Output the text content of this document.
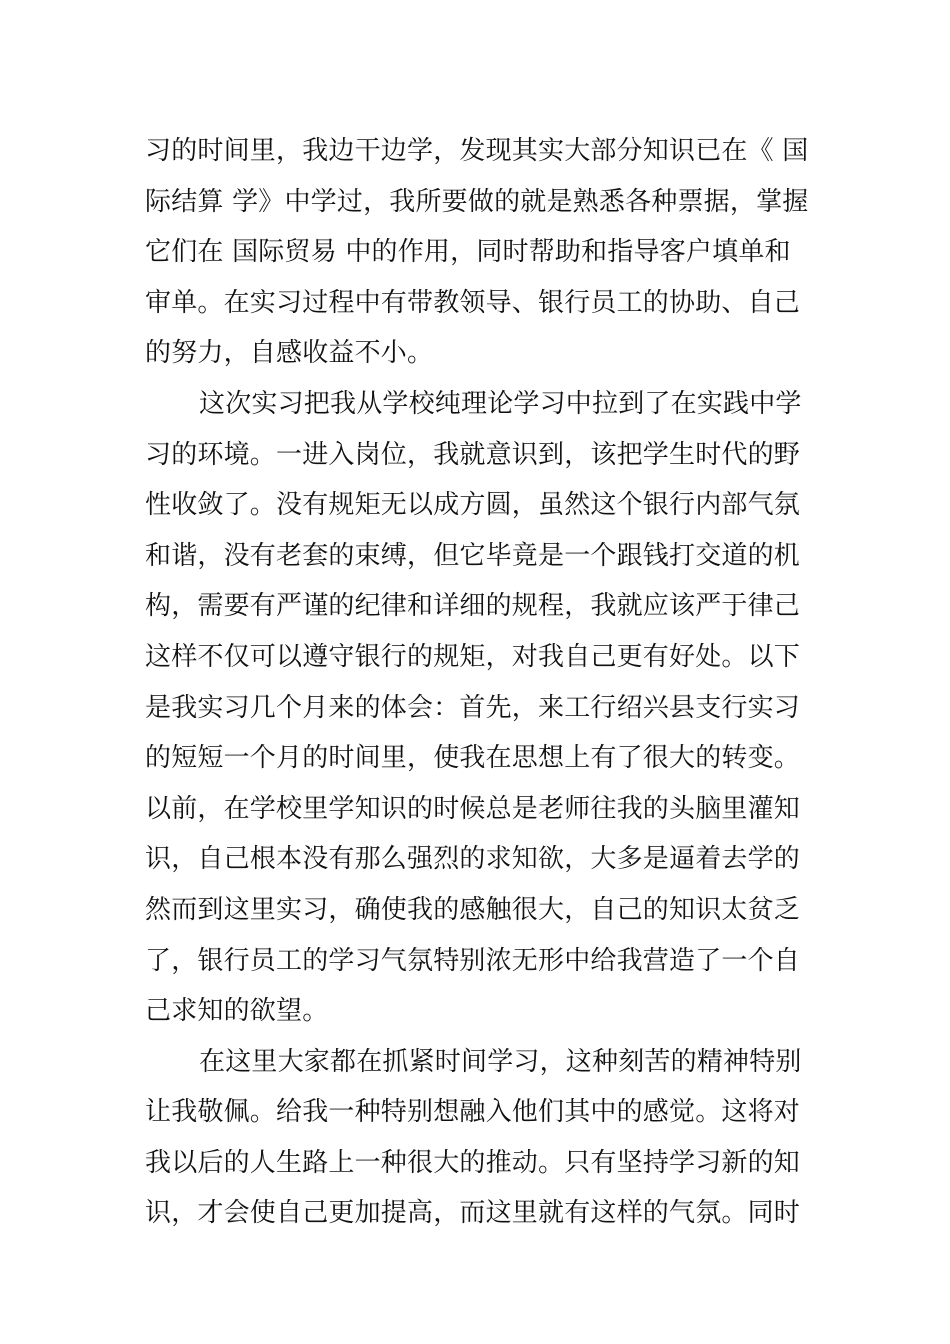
习的时间里，我边干边学，发现其实大部分知识已在《 国
际结算 学》中学过，我所要做的就是熟悉各种票据，掌握
它们在 国际贸易 中的作用，同时帮助和指导客户填单和
审单。在实习过程中有带教领导、银行员工的协助、自己
的努力，自感收益不小。

这次实习把我从学校纯理论学习中拉到了在实践中学
习的环境。一进入岗位，我就意识到，该把学生时代的野
性收敛了。没有规矩无以成方圆，虽然这个银行内部气氛
和谐，没有老套的束缚，但它毕竟是一个跟钱打交道的机
构，需要有严谨的纪律和详细的规程，我就应该严于律己
这样不仅可以遵守银行的规矩，对我自己更有好处。以下
是我实习几个月来的体会：首先，来工行绍兴县支行实习
的短短一个月的时间里，使我在思想上有了很大的转变。
以前，在学校里学知识的时候总是老师往我的头脑里灌知
识，自己根本没有那么强烈的求知欲，大多是逼着去学的
然而到这里实习，确使我的感触很大，自己的知识太贫乏
了，银行员工的学习气氛特别浓无形中给我营造了一个自
己求知的欲望。

在这里大家都在抓紧时间学习，这种刻苦的精神特别
让我敬佩。给我一种特别想融入他们其中的感觉。这将对
我以后的人生路上一种很大的推动。只有坚持学习新的知
识，才会使自己更加提高，而这里就有这样的气氛。同时
